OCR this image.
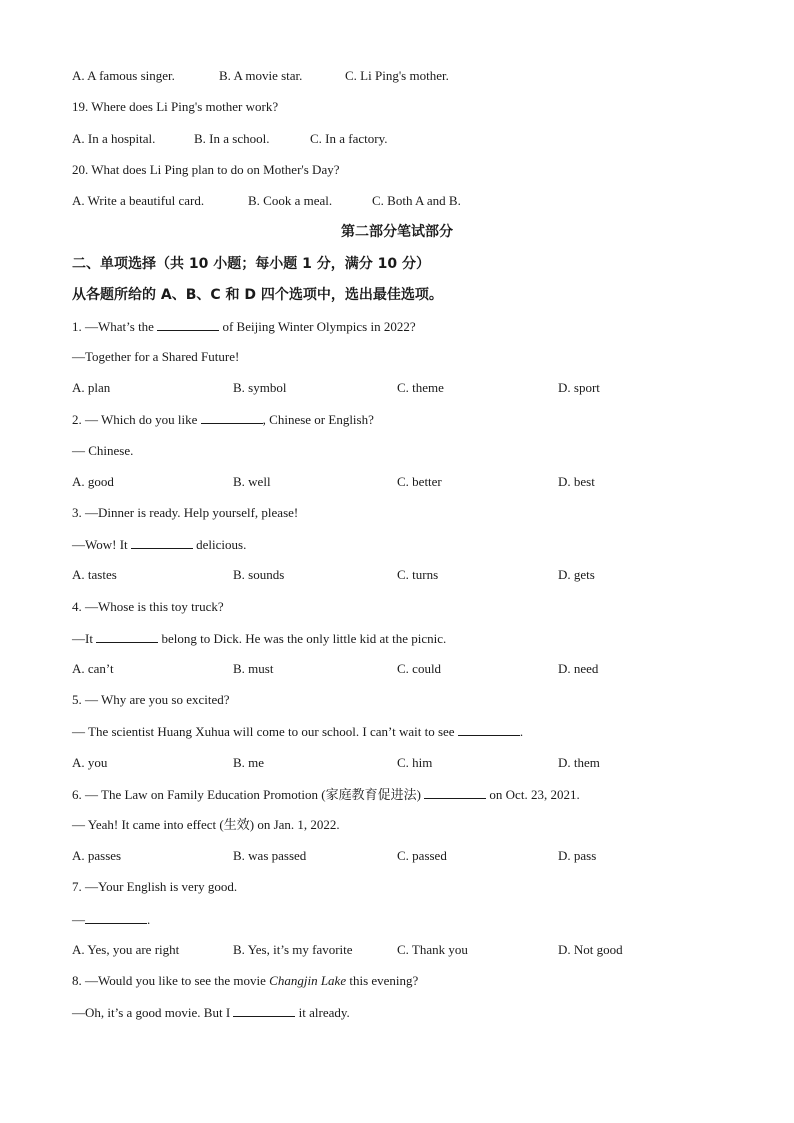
A. A famous singer.	B. A movie star.	C. Li Ping's mother.
19. Where does Li Ping's mother work?
A. In a hospital.	B. In a school.	C. In a factory.
20. What does Li Ping plan to do on Mother's Day?
A. Write a beautiful card.	B. Cook a meal.	C. Both A and B.
第二部分笔试部分
二、单项选择（共 10 小题；每小题 1 分，满分 10 分）
从各题所给的 A、B、C 和 D 四个选项中，选出最佳选项。
1. —What’s the	of Beijing Winter Olympics in 2022?
—Together for a Shared Future!
A. plan	B. symbol	C. theme	D. sport
2. — Which do you like	, Chinese or English?
— Chinese.
A. good	B. well	C. better	D. best
3. —Dinner is ready. Help yourself, please!
—Wow! It	delicious.
A. tastes	B. sounds	C. turns	D. gets
4. —Whose is this toy truck?
—It	belong to Dick. He was the only little kid at the picnic.
A. can’t	B. must	C. could	D. need
5. — Why are you so excited?
— The scientist Huang Xuhua will come to our school. I can’t wait to see	.
A. you	B. me	C. him	D. them
6. — The Law on Family Education Promotion (家庭教育促进法)	on Oct. 23, 2021.
— Yeah! It came into effect (生效) on Jan. 1, 2022.
A. passes	B. was passed	C. passed	D. pass
7. —Your English is very good.
—	.
A. Yes, you are right	B. Yes, it’s my favorite	C. Thank you	D. Not good
8. —Would you like to see the movie Changjin Lake this evening?
—Oh, it’s a good movie. But I	it already.
